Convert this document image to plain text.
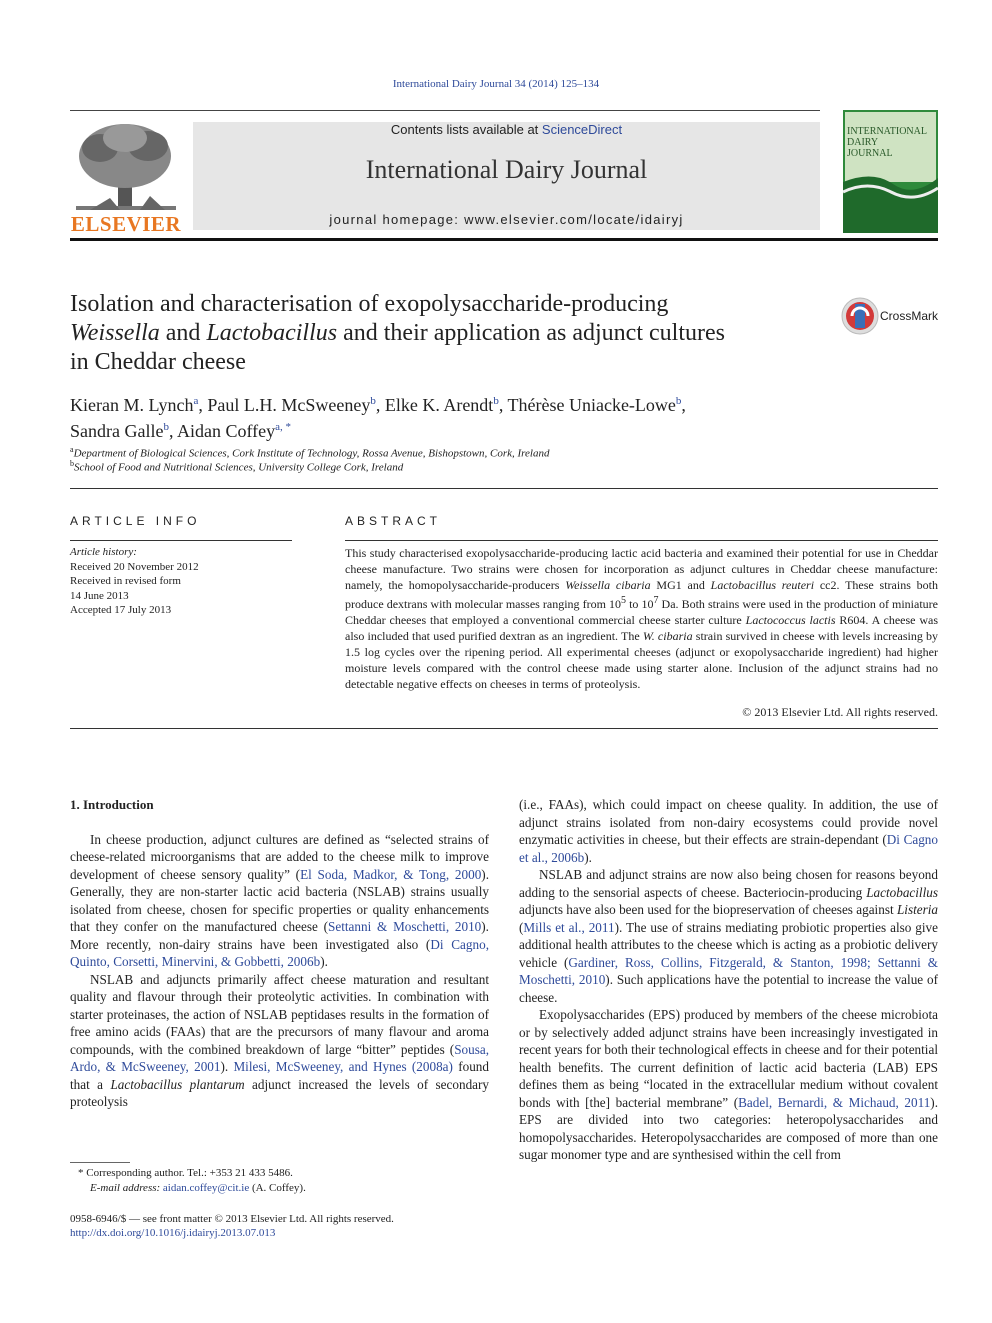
International Dairy Journal 34 (2014) 125–134
ELSEVIER
Contents lists available at ScienceDirect
International Dairy Journal
journal homepage: www.elsevier.com/locate/idairyj
INTERNATIONAL
DAIRY
JOURNAL
Isolation and characterisation of exopolysaccharide-producing
Weissella and Lactobacillus and their application as adjunct cultures
in Cheddar cheese
CrossMark
Kieran M. Lynch$^a$, Paul L.H. McSweeney$^b$, Elke K. Arendt$^b$, Thérèse Uniacke-Lowe$^b$,
Sandra Galle$^b$, Aidan Coffey$^{a, *}$
$^a$Department of Biological Sciences, Cork Institute of Technology, Rossa Avenue, Bishopstown, Cork, Ireland
$^b$School of Food and Nutritional Sciences, University College Cork, Ireland
ARTICLE INFO
Article history:
Received 20 November 2012
Received in revised form
14 June 2013
Accepted 17 July 2013
ABSTRACT
This study characterised exopolysaccharide-producing lactic acid bacteria and examined their potential for use in Cheddar cheese manufacture. Two strains were chosen for incorporation as adjunct cultures in Cheddar cheese manufacture: namely, the homopolysaccharide-producers Weissella cibaria MG1 and Lactobacillus reuteri cc2. These strains both produce dextrans with molecular masses ranging from $10^5$ to $10^7$ Da. Both strains were used in the production of miniature Cheddar cheeses that employed a conventional commercial cheese starter culture Lactococcus lactis R604. A cheese was also included that used purified dextran as an ingredient. The W. cibaria strain survived in cheese with levels increasing by 1.5 log cycles over the ripening period. All experimental cheeses (adjunct or exopolysaccharide ingredient) had higher moisture levels compared with the control cheese made using starter alone. Inclusion of the adjunct strains had no detectable negative effects on cheeses in terms of proteolysis.
© 2013 Elsevier Ltd. All rights reserved.
1. Introduction

In cheese production, adjunct cultures are defined as “selected strains of cheese-related microorganisms that are added to the cheese milk to improve development of cheese sensory quality” (El Soda, Madkor, & Tong, 2000). Generally, they are non-starter lactic acid bacteria (NSLAB) strains usually isolated from cheese, chosen for specific properties or quality enhancements that they confer on the manufactured cheese (Settanni & Moschetti, 2010). More recently, non-dairy strains have been investigated also (Di Cagno, Quinto, Corsetti, Minervini, & Gobbetti, 2006b).

NSLAB and adjuncts primarily affect cheese maturation and resultant quality and flavour through their proteolytic activities. In combination with starter proteinases, the action of NSLAB peptidases results in the formation of free amino acids (FAAs) that are the precursors of many flavour and aroma compounds, with the combined breakdown of large “bitter” peptides (Sousa, Ardo, & McSweeney, 2001). Milesi, McSweeney, and Hynes (2008a) found that a Lactobacillus plantarum adjunct increased the levels of secondary proteolysis

(i.e., FAAs), which could impact on cheese quality. In addition, the use of adjunct strains isolated from non-dairy ecosystems could provide novel enzymatic activities in cheese, but their effects are strain-dependant (Di Cagno et al., 2006b).

NSLAB and adjunct strains are now also being chosen for reasons beyond adding to the sensorial aspects of cheese. Bacteriocin-producing Lactobacillus adjuncts have also been used for the biopreservation of cheeses against Listeria (Mills et al., 2011). The use of strains mediating probiotic properties also give additional health attributes to the cheese which is acting as a probiotic delivery vehicle (Gardiner, Ross, Collins, Fitzgerald, & Stanton, 1998; Settanni & Moschetti, 2010). Such applications have the potential to increase the value of cheese.

Exopolysaccharides (EPS) produced by members of the cheese microbiota or by selectively added adjunct strains have been increasingly investigated in recent years for both their technological effects in cheese and for their potential health benefits. The current definition of lactic acid bacteria (LAB) EPS defines them as being “located in the extracellular medium without covalent bonds with [the] bacterial membrane” (Badel, Bernardi, & Michaud, 2011). EPS are divided into two categories: heteropolysaccharides and homopolysaccharides. Heteropolysaccharides are composed of more than one sugar monomer type and are synthesised within the cell from

* Corresponding author. Tel.: +353 21 433 5486.
E-mail address: aidan.coffey@cit.ie (A. Coffey).
0958-6946/$ — see front matter © 2013 Elsevier Ltd. All rights reserved.
http://dx.doi.org/10.1016/j.idairyj.2013.07.013
